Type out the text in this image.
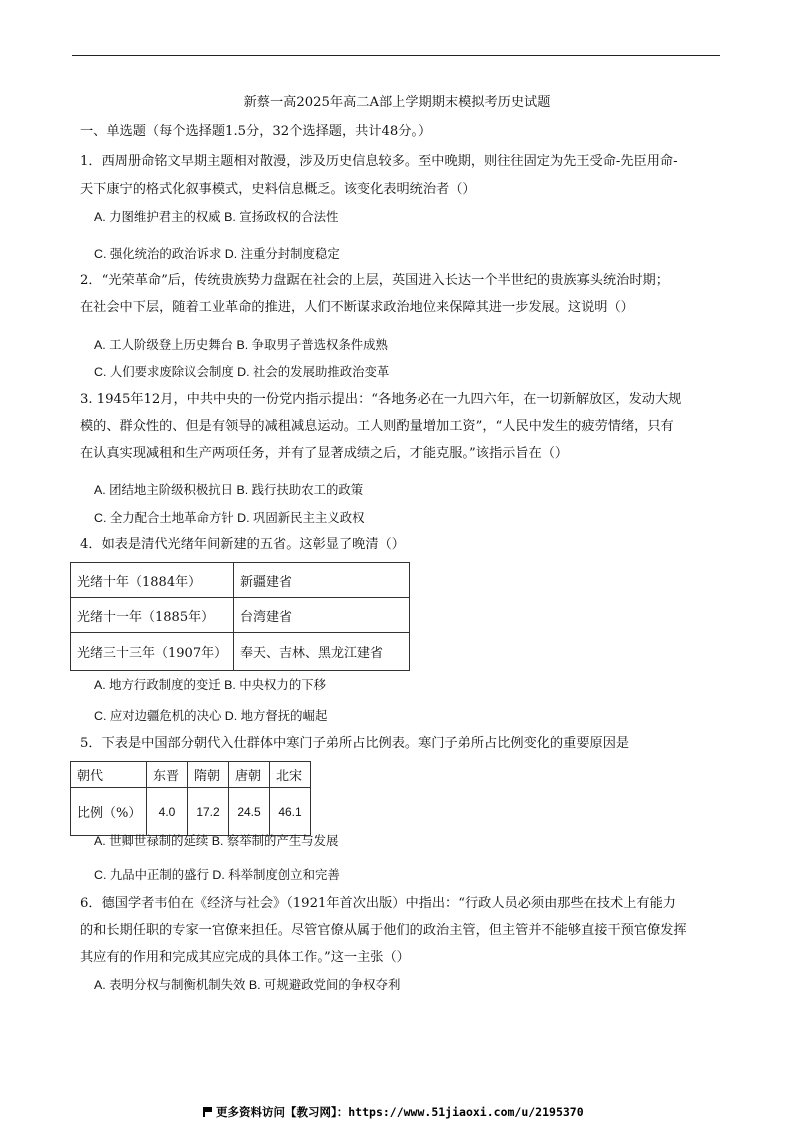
新蔡一高2025年高二A部上学期期末模拟考历史试题
一、单选题（每个选择题1.5分，32个选择题，共计48分。）
1．西周册命铭文早期主题相对散漫，涉及历史信息较多。至中晚期，则往往固定为先王受命-先臣用命-
天下康宁的格式化叙事模式，史料信息概乏。该变化表明统治者（）
A. 力图维护君主的权威 B. 宣扬政权的合法性
C. 强化统治的政治诉求 D. 注重分封制度稳定
2．“光荣革命”后，传统贵族势力盘踞在社会的上层，英国进入长达一个半世纪的贵族寡头统治时期；
在社会中下层，随着工业革命的推进，人们不断谋求政治地位来保障其进一步发展。这说明（）
A. 工人阶级登上历史舞台 B. 争取男子普选权条件成熟
C. 人们要求废除议会制度 D. 社会的发展助推政治变革
3. 1945年12月，中共中央的一份党内指示提出：“各地务必在一九四六年，在一切新解放区，发动大规
模的、群众性的、但是有领导的减租减息运动。工人则酌量增加工资”，“人民中发生的疲劳情绪，只有
在认真实现减租和生产两项任务，并有了显著成绩之后，才能克服。”该指示旨在（）
A. 团结地主阶级积极抗日 B. 践行扶助农工的政策
C. 全力配合土地革命方针 D. 巩固新民主主义政权
4．如表是清代光绪年间新建的五省。这彰显了晚清（）
光绪十年（1884年）	新疆建省
光绪十一年（1885年）	台湾建省
光绪三十三年（1907年）	奉天、吉林、黑龙江建省
A. 地方行政制度的变迁 B. 中央权力的下移
C. 应对边疆危机的决心 D. 地方督抚的崛起
5．下表是中国部分朝代入仕群体中寒门子弟所占比例表。寒门子弟所占比例变化的重要原因是
朝代	东晋	隋朝	唐朝	北宋
比例（%）	4.0	17.2	24.5	46.1
A. 世卿世禄制的延续 B. 察举制的产生与发展
C. 九品中正制的盛行 D. 科举制度创立和完善
6．德国学者韦伯在《经济与社会》（1921年首次出版）中指出：“行政人员必须由那些在技术上有能力
的和长期任职的专家一官僚来担任。尽管官僚从属于他们的政治主管，但主管并不能够直接干预官僚发挥
其应有的作用和完成其应完成的具体工作。”这一主张（）
A. 表明分权与制衡机制失效 B. 可规避政党间的争权夺利
更多资料访问【教习网】：https://www.51jiaoxi.com/u/2195370
